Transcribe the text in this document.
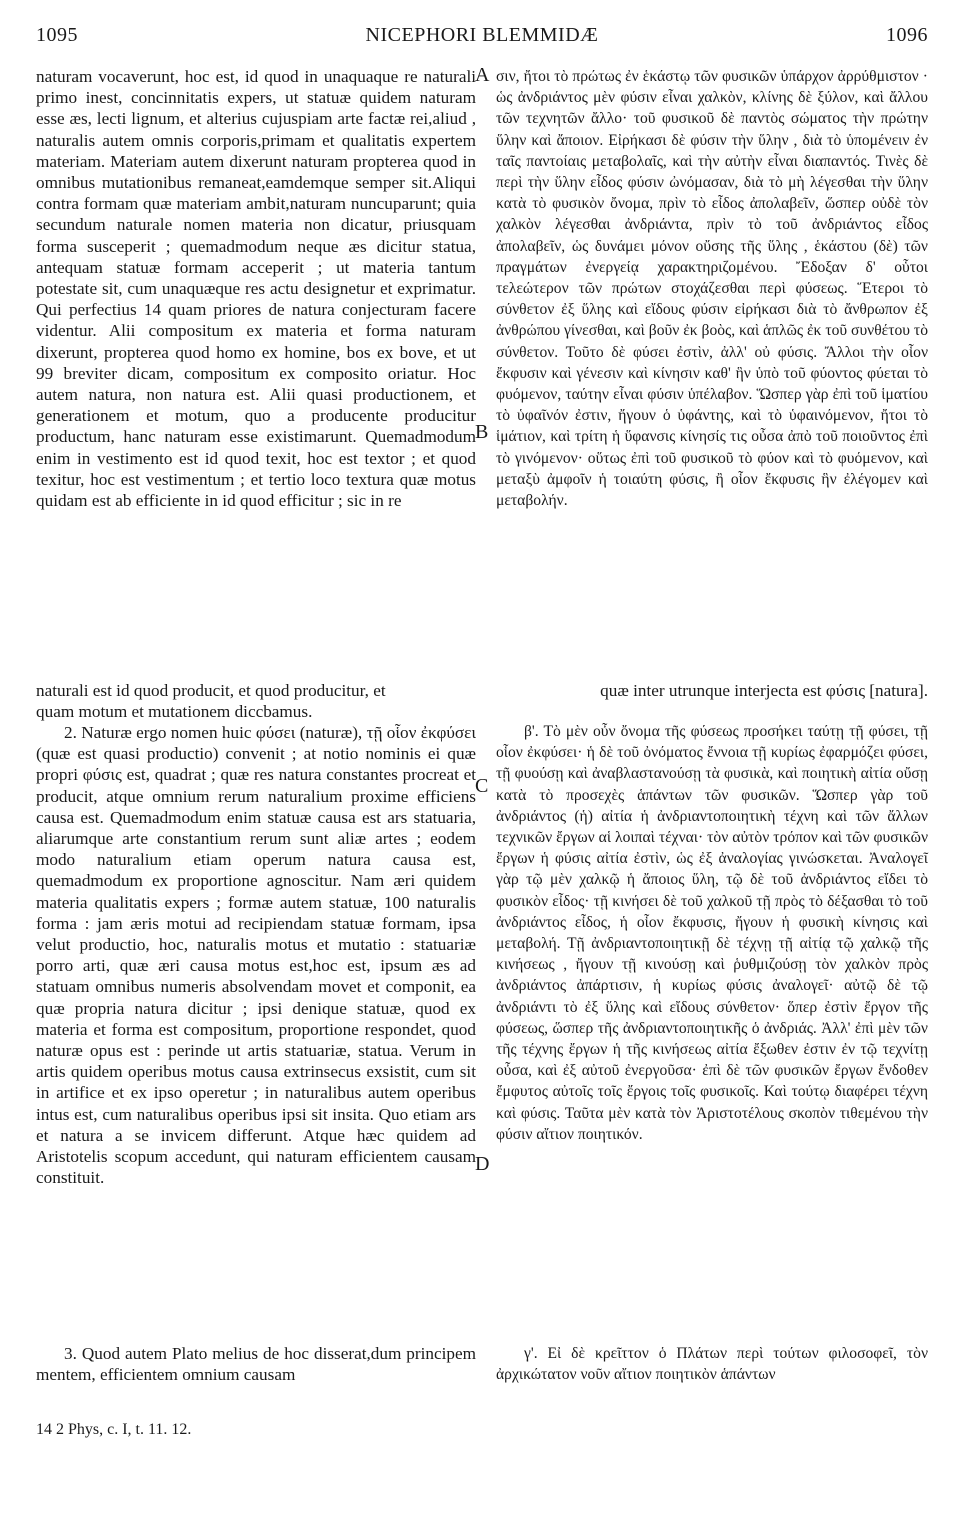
1095	NICEPHORI BLEMMIDÆ	1096
A
B
C
D

naturam vocaverunt, hoc est, id quod in unaquaque re naturali primo inest, concinnitatis expers, ut statuæ quidem naturam esse æs, lecti lignum, et alterius cujuspiam arte factæ rei,aliud , naturalis autem omnis corporis,primam et qualitatis expertem materiam. Materiam autem dixerunt naturam propterea quod in omnibus mutationibus remaneat,eamdemque semper sit.Aliqui contra formam quæ materiam ambit,naturam nuncuparunt; quia secundum naturale nomen materia non dicatur, priusquam forma susceperit ; quemadmodum neque æs dicitur statua, antequam statuæ formam acceperit ; ut materia tantum potestate sit, cum unaquæque res actu designetur et exprimatur. Qui perfectius 14 quam priores de natura conjecturam facere videntur. Alii compositum ex materia et forma naturam dixerunt, propterea quod homo ex homine, bos ex bove, et ut 99 breviter dicam, compositum ex composito oriatur. Hoc autem natura, non natura est. Alii quasi productionem, et generationem et motum, quo a producente producitur productum, hanc naturam esse existimarunt. Quemadmodum enim in vestimento est id quod texit, hoc est textor ; et quod texitur, hoc est vestimentum ; et tertio loco textura quæ motus quidam est ab efficiente in id quod efficitur ; sic in re

σιν, ἤτοι τὸ πρώτως ἐν ἑκάστῳ τῶν φυσικῶν ὑπάρχον ἀρρύθμιστον · ὡς ἀνδριάντος μὲν φύσιν εἶναι χαλκὸν, κλίνης δὲ ξύλον, καὶ ἄλλου τῶν τεχνητῶν ἄλλο· τοῦ φυσικοῦ δὲ παντὸς σώματος τὴν πρώτην ὕλην καὶ ἄποιον. Εἰρήκασι δὲ φύσιν τὴν ὕλην , διὰ τὸ ὑπομένειν ἐν ταῖς παντοίαις μεταβολαῖς, καὶ τὴν αὐτὴν εἶναι διαπαντός. Τινὲς δὲ περὶ τὴν ὕλην εἶδος φύσιν ὠνόμασαν, διὰ τὸ μὴ λέγεσθαι τὴν ὕλην κατὰ τὸ φυσικὸν ὄνομα, πρὶν τὸ εἶδος ἀπολαβεῖν, ὥσπερ οὐδὲ τὸν χαλκὸν λέγεσθαι ἀνδριάντα, πρὶν τὸ τοῦ ἀνδριάντος εἶδος ἀπολαβεῖν, ὡς δυνάμει μόνον οὔσης τῆς ὕλης , ἑκάστου (δὲ) τῶν πραγμάτων ἐνεργείᾳ χαρακτηριζομένου. Ἔδοξαν δ' οὗτοι τελεώτερον τῶν πρώτων στοχάζεσθαι περὶ φύσεως. Ἕτεροι τὸ σύνθετον ἐξ ὕλης καὶ εἴδους φύσιν εἰρήκασι διὰ τὸ ἄνθρωπον ἐξ ἀνθρώπου γίνεσθαι, καὶ βοῦν ἐκ βοὸς, καὶ ἁπλῶς ἐκ τοῦ συνθέτου τὸ σύνθετον. Τοῦτο δὲ φύσει ἐστὶν, ἀλλ' οὐ φύσις. Ἄλλοι τὴν οἷον ἔκφυσιν καὶ γένεσιν καὶ κίνησιν καθ' ἣν ὑπὸ τοῦ φύοντος φύεται τὸ φυόμενον, ταύτην εἶναι φύσιν ὑπέλαβον. Ὥσπερ γὰρ ἐπὶ τοῦ ἱματίου τὸ ὑφαῖνόν ἐστιν, ἤγουν ὁ ὑφάντης, καὶ τὸ ὑφαινόμενον, ἤτοι τὸ ἱμάτιον, καὶ τρίτη ἡ ὕφανσις κίνησίς τις οὖσα ἀπὸ τοῦ ποιοῦντος ἐπὶ τὸ γινόμενον· οὕτως ἐπὶ τοῦ φυσικοῦ τὸ φύον καὶ τὸ φυόμενον, καὶ μεταξὺ ἀμφοῖν ἡ τοιαύτη φύσις, ἢ οἷον ἔκφυσις ἣν ἐλέγομεν καὶ μεταβολήν.

naturali est id quod producit, et quod producitur, et	quæ inter utrunque interjecta est φύσις [natura].

quam motum et mutationem diccbamus.

2. Naturæ ergo nomen huic φύσει (naturæ), τῇ οἷον ἐκφύσει (quæ est quasi productio) convenit ; at notio nominis ei quæ propri φύσις est, quadrat ; quæ res natura constantes procreat et producit, atque omnium rerum naturalium proxime efficiens causa est. Quemadmodum enim statuæ causa est ars statuaria, aliarumque arte constantium rerum sunt aliæ artes ; eodem modo naturalium etiam operum natura causa est, quemadmodum ex proportione agnoscitur. Nam æri quidem materia qualitatis expers ; formæ autem statuæ, 100 naturalis forma : jam æris motui ad recipiendam statuæ formam, ipsa velut productio, hoc, naturalis motus et mutatio : statuariæ porro arti, quæ æri causa motus est,hoc est, ipsum æs ad statuam omnibus numeris absolvendam movet et componit, ea quæ propria natura dicitur ; ipsi denique statuæ, quod ex materia et forma est compositum, proportione respondet, quod naturæ opus est : perinde ut artis statuariæ, statua. Verum in artis quidem operibus motus causa extrinsecus exsistit, cum sit in artifice et ex ipso operetur ; in naturalibus autem operibus intus est, cum naturalibus operibus ipsi sit insita. Quo etiam ars et natura a se invicem differunt. Atque hæc quidem ad Aristotelis scopum accedunt, qui naturam efficientem causam constituit.

β'. Τὸ μὲν οὖν ὄνομα τῆς φύσεως προσήκει ταύτῃ τῇ φύσει, τῇ οἷον ἐκφύσει· ἡ δὲ τοῦ ὀνόματος ἔννοια τῇ κυρίως ἐφαρμόζει φύσει, τῇ φυούσῃ καὶ ἀναβλαστανούσῃ τὰ φυσικὰ, καὶ ποιητικὴ αἰτία οὔσῃ κατὰ τὸ προσεχὲς ἁπάντων τῶν φυσικῶν. Ὥσπερ γὰρ τοῦ ἀνδριάντος (ἡ) αἰτία ἡ ἀνδριαντοποιητικὴ τέχνη καὶ τῶν ἄλλων τεχνικῶν ἔργων αἱ λοιπαὶ τέχναι· τὸν αὐτὸν τρόπον καὶ τῶν φυσικῶν ἔργων ἡ φύσις αἰτία ἐστὶν, ὡς ἐξ ἀναλογίας γινώσκεται. Ἀναλογεῖ γὰρ τῷ μὲν χαλκῷ ἡ ἄποιος ὕλη, τῷ δὲ τοῦ ἀνδριάντος εἴδει τὸ φυσικὸν εἶδος· τῇ κινήσει δὲ τοῦ χαλκοῦ τῇ πρὸς τὸ δέξασθαι τὸ τοῦ ἀνδριάντος εἶδος, ἡ οἷον ἔκφυσις, ἤγουν ἡ φυσικὴ κίνησις καὶ μεταβολή. Τῇ ἀνδριαντοποιητικῇ δὲ τέχνῃ τῇ αἰτίᾳ τῷ χαλκῷ τῆς κινήσεως , ἤγουν τῇ κινούσῃ καὶ ῥυθμιζούσῃ τὸν χαλκὸν πρὸς ἀνδριάντος ἀπάρτισιν, ἡ κυρίως φύσις ἀναλογεῖ· αὐτῷ δὲ τῷ ἀνδριάντι τὸ ἐξ ὕλης καὶ εἴδους σύνθετον· ὅπερ ἐστὶν ἔργον τῆς φύσεως, ὥσπερ τῆς ἀνδριαντοποιητικῆς ὁ ἀνδριάς. Ἀλλ' ἐπὶ μὲν τῶν τῆς τέχνης ἔργων ἡ τῆς κινήσεως αἰτία ἔξωθεν ἐστιν ἐν τῷ τεχνίτῃ οὖσα, καὶ ἐξ αὐτοῦ ἐνεργοῦσα· ἐπὶ δὲ τῶν φυσικῶν ἔργων ἔνδοθεν ἔμφυτος αὐτοῖς τοῖς ἔργοις τοῖς φυσικοῖς. Καὶ τούτῳ διαφέρει τέχνη καὶ φύσις. Ταῦτα μὲν κατὰ τὸν Ἀριστοτέλους σκοπὸν τιθεμένου τὴν φύσιν αἴτιον ποιητικόν.

3. Quod autem Plato melius de hoc disserat,dum principem mentem, efficientem omnium causam

γ'. Εἰ δὲ κρεῖττον ὁ Πλάτων περὶ τούτων φιλοσοφεῖ, τὸν ἀρχικώτατον νοῦν αἴτιον ποιητικὸν ἁπάντων

14 2 Phys, c. I, t. 11. 12.
